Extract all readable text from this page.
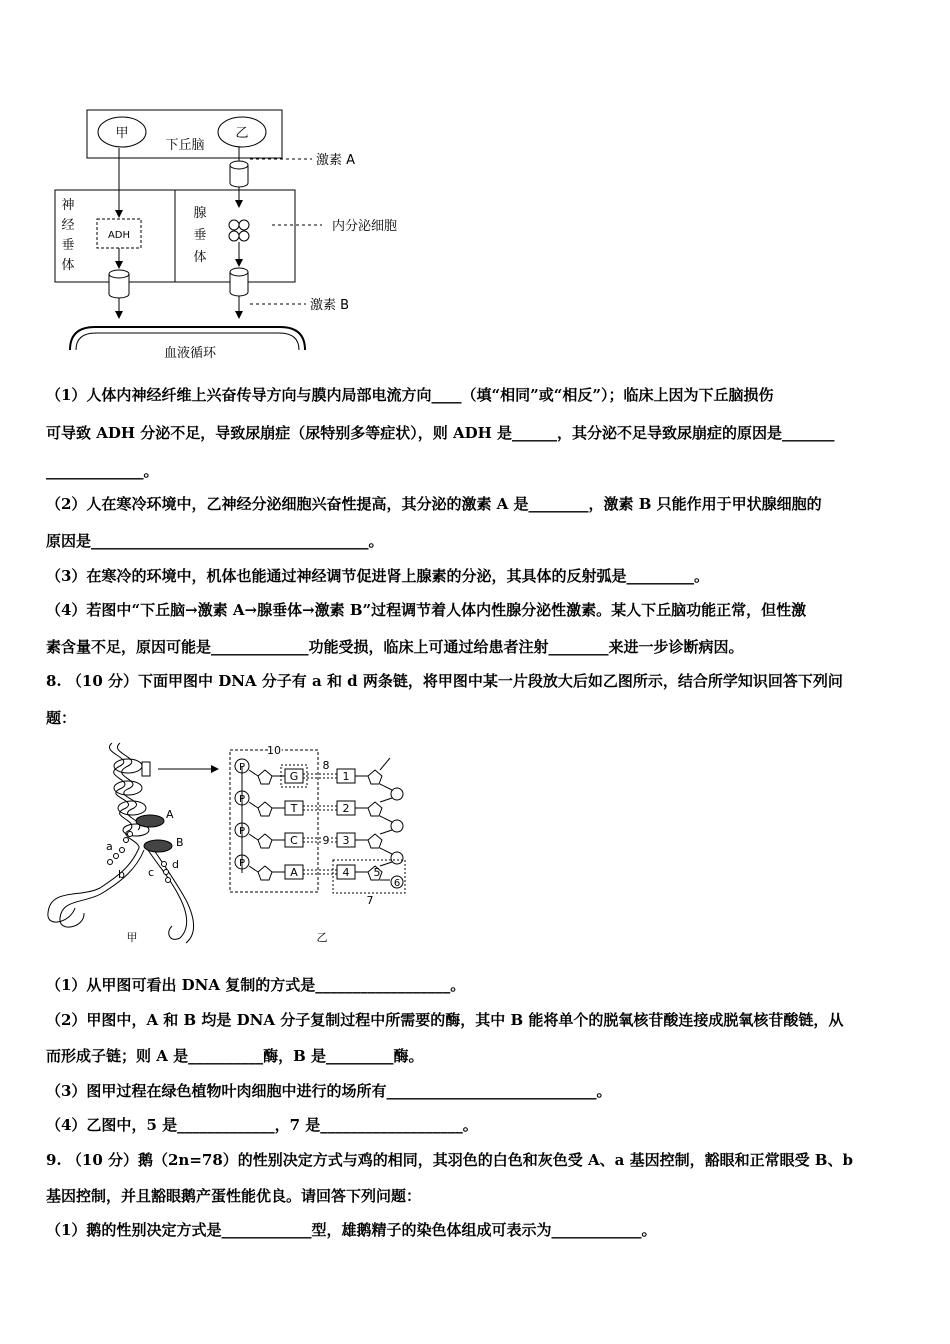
甲	乙
下丘脑
神
经
垂
体
腺
垂
体
ADH
激素 A
内分泌细胞
激素 B
血液循环
（1）人体内神经纤维上兴奋传导方向与膜内局部电流方向____（填“相同”或“相反”）；临床上因为下丘脑损伤
可导致 ADH 分泌不足，导致尿崩症（尿特别多等症状），则 ADH 是______，其分泌不足导致尿崩症的原因是_______
_____________。
（2）人在寒冷环境中，乙神经分泌细胞兴奋性提高，其分泌的激素 A 是________，激素 B 只能作用于甲状腺细胞的
原因是_____________________________________。
（3）在寒冷的环境中，机体也能通过神经调节促进肾上腺素的分泌，其具体的反射弧是_________。
（4）若图中“下丘脑→激素 A→腺垂体→激素 B”过程调节着人体内性腺分泌性激素。某人下丘脑功能正常，但性激
素含量不足，原因可能是_____________功能受损，临床上可通过给患者注射________来进一步诊断病因。
8. （10 分）下面甲图中 DNA 分子有 a 和 d 两条链，将甲图中某一片段放大后如乙图所示，结合所学知识回答下列问
题：
A
B
a
b c
d
甲
10
P
P
P
P
G
T
C
A
8
9
1
2
3
4 5
6
7
乙
（1）从甲图可看出 DNA 复制的方式是__________________。
（2）甲图中，A 和 B 均是 DNA 分子复制过程中所需要的酶，其中 B 能将单个的脱氧核苷酸连接成脱氧核苷酸链，从
而形成子链；则 A 是__________酶，B 是_________酶。
（3）图甲过程在绿色植物叶肉细胞中进行的场所有____________________________。
（4）乙图中，5 是_____________，7 是___________________。
9. （10 分）鹅（2n=78）的性别决定方式与鸡的相同，其羽色的白色和灰色受 A、a 基因控制，豁眼和正常眼受 B、b
基因控制，并且豁眼鹅产蛋性能优良。请回答下列问题：
（1）鹅的性别决定方式是____________型，雄鹅精子的染色体组成可表示为____________。
